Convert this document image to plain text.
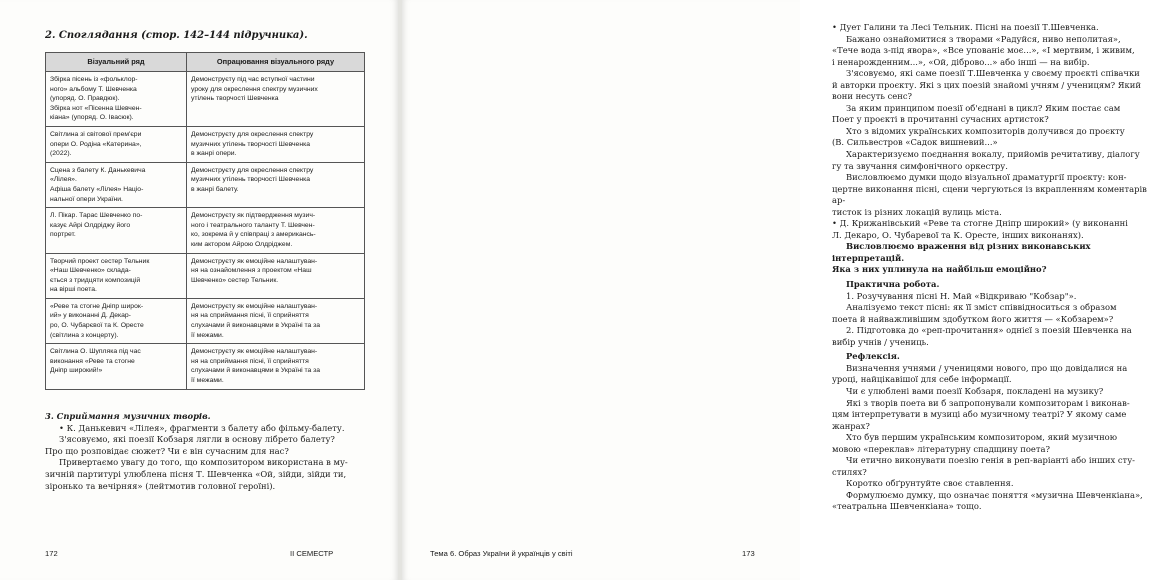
2. Споглядання (стор. 142–144 підручника).
Візуальний ряд	Опрацювання візуального ряду
Збірка пісень із «фольклор-
ного» альбому Т. Шевченка
(упоряд. О. Правдюк).
Збірка нот «Пісенна Шевчен-
кіана» (упоряд. О. Івасюк).	Демонструєту під час вступної частини
уроку для окреслення спектру музичних
утілень творчості Шевченка
Світлина зі світової прем'єри
опери О. Родіна «Катерина»,
(2022).	Демонструєту для окреслення спектру
музичних утілень творчості Шевченка
в жанрі опери.
Сцена з балету К. Данькевича
«Лілея».
Афіша балету «Лілея» Націо-
нальної опери України.	Демонструєту для окреслення спектру
музичних утілень творчості Шевченка
в жанрі балету.
Л. Пікар. Тарас Шевченко по-
казує Айрі Олдріджу його
портрет.	Демонструєту як підтвердження музич-
ного і театрального таланту Т. Шевчен-
ко, зокрема й у співпраці з американсь-
ким актором Айрою Олдріджем.
Творчий проект сестер Тельник
«Наш Шевченко» склада-
ється з тридцяти композицій
на вірші поета.	Демонструєту як емоційне налаштуван-
ня на ознайомлення з проектом «Наш
Шевченко» сестер Тельник.
«Реве та стогне Дніпр широк-
ий» у виконанні Д. Декар-
ро, О. Чубарєвої та К. Оресте
(світлина з концерту).	Демонструєту як емоційне налаштуван-
ня на сприймання пісні, її сприйняття
слухачами й виконавцями в Україні та за
її межами.
Світлина О. Шупляка під час
виконання «Реве та стогне
Дніпр широкий!»	Демонструєту як емоційне налаштуван-
ня на сприймання пісні, її сприйняття
слухачами й виконавцями в Україні та за
її межами.

3. Сприймання музичних творів.

• К. Данькевич «Лілея», фрагменти з балету або фільму-балету.

З'ясовуємо, які поезії Кобзаря лягли в основу лібрето балету?

Про що розповідає сюжет? Чи є він сучасним для нас?

Привертаємо увагу до того, що композитором використана в му-

зичній партитурі улюблена пісня Т. Шевченка «Ой, зійди, зійди ти,

зіронько та вечірняя» (лейтмотив головної героїні).

172	ІІ СЕМЕСТР

• Дует Галини та Лесі Тельник. Пісні на поезії Т.Шевченка.

Бажано ознайомитися з творами «Радуйся, ниво неполитая»,

«Тече вода з-під явора», «Все упованіє моє...», «І мертвим, і живим,

і ненарожденним...», «Ой, діброво...» або інші — на вибір.

З'ясовуємо, які саме поезії Т.Шевченка у своєму проєкті співачки

й авторки проєкту. Які з цих поезій знайомі учням / ученицям? Який

вони несуть сенс?

За яким принципом поезії об'єднані в цикл? Яким постає сам

Поет у проєкті в прочитанні сучасних артисток?

Хто з відомих українських композиторів долучився до проєкту

(В. Сильвестров «Садок вишневий...»

Характеризуємо поєднання вокалу, прийомів речитативу, діалогу

гу та звучання симфонічного оркестру.

Висловлюємо думки щодо візуальної драматургії проєкту: кон-

цертне виконання пісні, сцени чергуються із вкрапленням коментарів ар-

тисток із різних локацій вулиць міста.

• Д. Крижанівський «Реве та стогне Дніпр широкий» (у виконанні

Л. Декаро, О. Чубаревої та К. Оресте, інших виконанях).

Висловлюємо враження від різних виконавських інтерпретацій.

Яка з них уплинула на найбільш емоційно?

Практична робота.

1. Розучування пісні Н. Май «Відкриваю "Кобзар"».

Аналізуємо текст пісні: як її зміст співвідноситься з образом

поета й найважливішим здобутком його життя — «Кобзарем»?

2. Підготовка до «реп-прочитання» однієї з поезій Шевченка на

вибір учнів / учениць.

Рефлексія.

Визначення учнями / ученицями нового, про що довідалися на

уроці, найцікавішої для себе інформації.

Чи є улюблені вами поезії Кобзаря, покладені на музику?

Які з творів поета ви б запропонували композиторам і виконав-

цям інтерпретувати в музиці або музичному театрі? У якому саме

жанрах?

Хто був першим українським композитором, який музичною

мовою «переклав» літературну спадщину поета?

Чи етично виконувати поезію генія в реп-варіанті або інших сту-

стилях?

Коротко обґрунтуйте своє ставлення.

Формулюємо думку, що означає поняття «музична Шевченкіана»,

«театральна Шевченкіана» тощо.

Тема 6. Образ України й українців у світі	173
